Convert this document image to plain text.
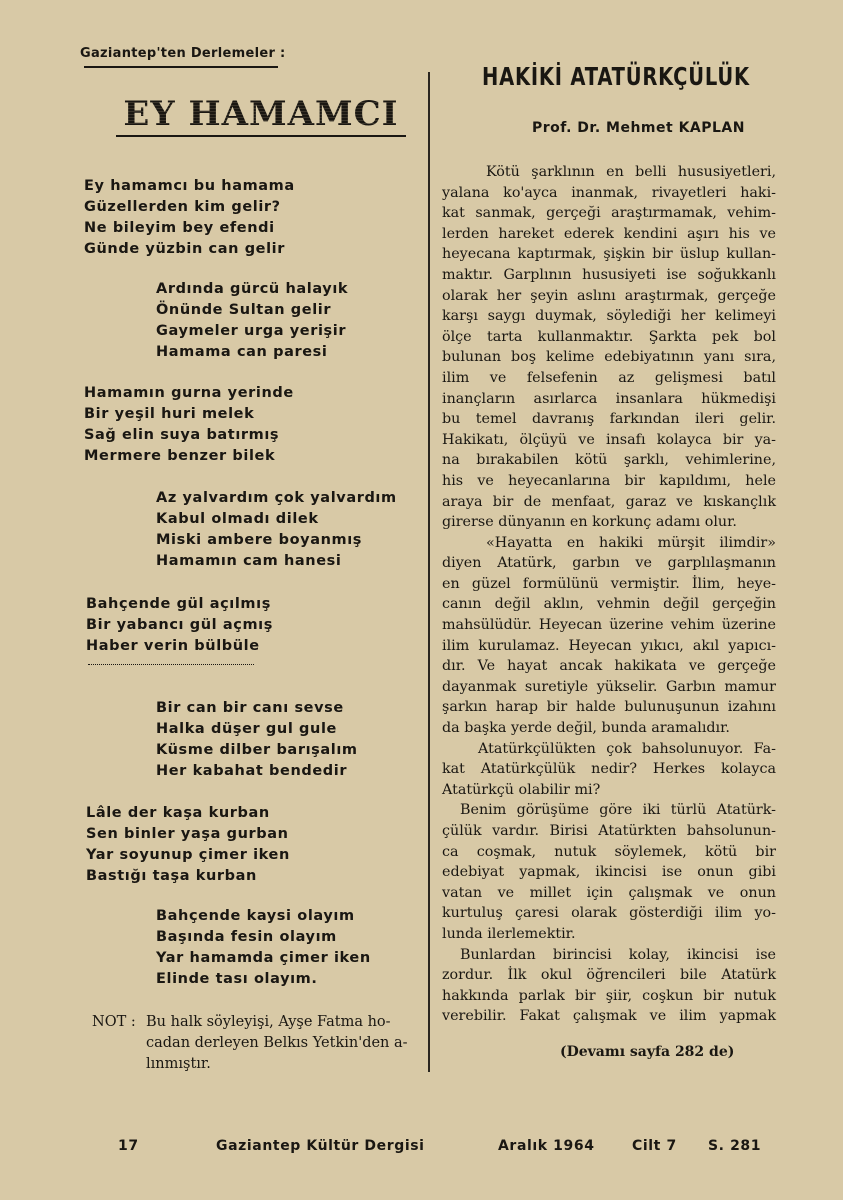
Gaziantep'ten Derlemeler :
EY HAMAMCI
Ey hamamcı bu hamama
Güzellerden kim gelir?
Ne bileyim bey efendi
Günde yüzbin can gelir
Ardında gürcü halayık
Önünde Sultan gelir
Gaymeler urga yerişir
Hamama can paresi
Hamamın gurna yerinde
Bir yeşil huri melek
Sağ elin suya batırmış
Mermere benzer bilek
Az yalvardım çok yalvardım
Kabul olmadı dilek
Miski ambere boyanmış
Hamamın cam hanesi
Bahçende gül açılmış
Bir yabancı gül açmış
Haber verin bülbüle
Bir can bir canı sevse
Halka düşer gul gule
Küsme dilber barışalım
Her kabahat bendedir
Lâle der kaşa kurban
Sen binler yaşa gurban
Yar soyunup çimer iken
Bastığı taşa kurban
Bahçende kaysi olayım
Başında fesin olayım
Yar hamamda çimer iken
Elinde tası olayım.
NOT : Bu halk söyleyişi, Ayşe Fatma ho-
cadan derleyen Belkıs Yetkin'den a-
lınmıştır.
HAKİKİ ATATÜRKÇÜLÜK
Prof. Dr. Mehmet KAPLAN
Kötü şarklının en belli hususiyetleri,
yalana ko'ayca inanmak, rivayetleri haki-
kat sanmak, gerçeği araştırmamak, vehim-
lerden hareket ederek kendini aşırı his ve
heyecana kaptırmak, şişkin bir üslup kullan-
maktır. Garplının hususiyeti ise soğukkanlı
olarak her şeyin aslını araştırmak, gerçeğe
karşı saygı duymak, söylediği her kelimeyi
ölçe tarta kullanmaktır. Şarkta pek bol
bulunan boş kelime edebiyatının yanı sıra,
ilim ve felsefenin az gelişmesi batıl
inançların asırlarca insanlara hükmedişi
bu temel davranış farkından ileri gelir.
Hakikatı, ölçüyü ve insafı kolayca bir ya-
na bırakabilen kötü şarklı, vehimlerine,
his ve heyecanlarına bir kapıldımı, hele
araya bir de menfaat, garaz ve kıskançlık
girerse dünyanın en korkunç adamı olur.
«Hayatta en hakiki mürşit ilimdir»
diyen Atatürk, garbın ve garplılaşmanın
en güzel formülünü vermiştir. İlim, heye-
canın değil aklın, vehmin değil gerçeğin
mahsülüdür. Heyecan üzerine vehim üzerine
ilim kurulamaz. Heyecan yıkıcı, akıl yapıcı-
dır. Ve hayat ancak hakikata ve gerçeğe
dayanmak suretiyle yükselir. Garbın mamur
şarkın harap bir halde bulunuşunun izahını
da başka yerde değil, bunda aramalıdır.
Atatürkçülükten çok bahsolunuyor. Fa-
kat Atatürkçülük nedir? Herkes kolayca
Atatürkçü olabilir mi?
Benim görüşüme göre iki türlü Atatürk-
çülük vardır. Birisi Atatürkten bahsolunun-
ca coşmak, nutuk söylemek, kötü bir
edebiyat yapmak, ikincisi ise onun gibi
vatan ve millet için çalışmak ve onun
kurtuluş çaresi olarak gösterdiği ilim yo-
lunda ilerlemektir.
Bunlardan birincisi kolay, ikincisi ise
zordur. İlk okul öğrencileri bile Atatürk
hakkında parlak bir şiir, coşkun bir nutuk
verebilir. Fakat çalışmak ve ilim yapmak
(Devamı sayfa 282 de)
17	Gaziantep Kültür Dergisi	Aralık 1964	Cilt 7 S. 281
